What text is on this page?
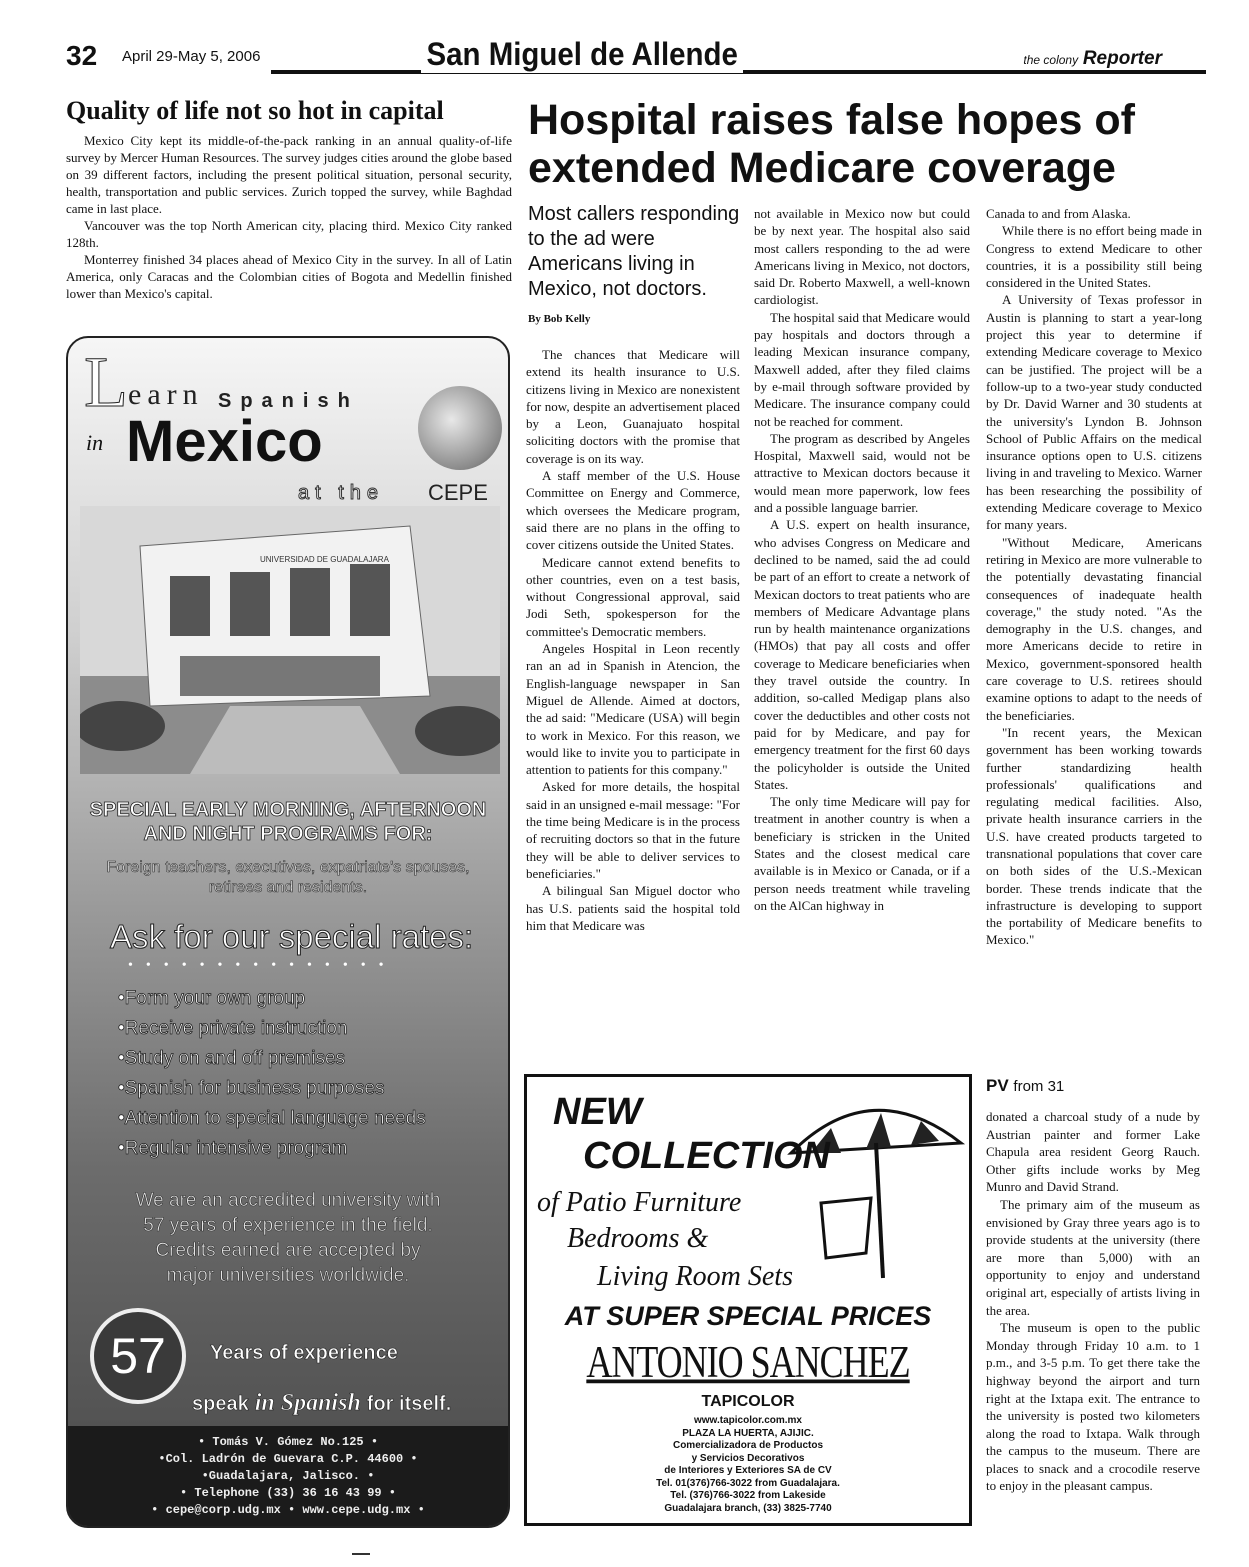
32 April 29-May 5, 2006	San Miguel de Allende	the colony Reporter
Quality of life not so hot in capital

Mexico City kept its middle-of-the-pack ranking in an annual quality-of-life survey by Mercer Human Resources. The survey judges cities around the globe based on 39 different factors, including the present political situation, personal security, health, transportation and public services. Zurich topped the survey, while Baghdad came in last place.

Vancouver was the top North American city, placing third. Mexico City ranked 128th.

Monterrey finished 34 places ahead of Mexico City in the survey. In all of Latin America, only Caracas and the Colombian cities of Bogota and Medellin finished lower than Mexico's capital.

Hospital raises false hopes of extended Medicare coverage
Most callers responding to the ad were Americans living in Mexico, not doctors.
By Bob Kelly

The chances that Medicare will extend its health insurance to U.S. citizens living in Mexico are nonexistent for now, despite an advertisement placed by a Leon, Guanajuato hospital soliciting doctors with the promise that coverage is on its way.

A staff member of the U.S. House Committee on Energy and Commerce, which oversees the Medicare program, said there are no plans in the offing to cover citizens outside the United States.

Medicare cannot extend benefits to other countries, even on a test basis, without Congressional approval, said Jodi Seth, spokesperson for the committee's Democratic members.

Angeles Hospital in Leon recently ran an ad in Spanish in Atencion, the English-language newspaper in San Miguel de Allende. Aimed at doctors, the ad said: "Medicare (USA) will begin to work in Mexico. For this reason, we would like to invite you to participate in attention to patients for this company."

Asked for more details, the hospital said in an unsigned e-mail message: "For the time being Medicare is in the process of recruiting doctors so that in the future they will be able to deliver services to beneficiaries."

A bilingual San Miguel doctor who has U.S. patients said the hospital told him that Medicare was

not available in Mexico now but could be by next year. The hospital also said most callers responding to the ad were Americans living in Mexico, not doctors, said Dr. Roberto Maxwell, a well-known cardiologist.

The hospital said that Medicare would pay hospitals and doctors through a leading Mexican insurance company, Maxwell added, after they filed claims by e-mail through software provided by Medicare. The insurance company could not be reached for comment.

The program as described by Angeles Hospital, Maxwell said, would not be attractive to Mexican doctors because it would mean more paperwork, low fees and a possible language barrier.

A U.S. expert on health insurance, who advises Congress on Medicare and declined to be named, said the ad could be part of an effort to create a network of Mexican doctors to treat patients who are members of Medicare Advantage plans run by health maintenance organizations (HMOs) that pay all costs and offer coverage to Medicare beneficiaries when they travel outside the country. In addition, so-called Medigap plans also cover the deductibles and other costs not paid for by Medicare, and pay for emergency treatment for the first 60 days the policyholder is outside the United States.

The only time Medicare will pay for treatment in another country is when a beneficiary is stricken in the United States and the closest medical care available is in Mexico or Canada, or if a person needs treatment while traveling on the AlCan highway in

Canada to and from Alaska.

While there is no effort being made in Congress to extend Medicare to other countries, it is a possibility still being considered in the United States.

A University of Texas professor in Austin is planning to start a year-long project this year to determine if extending Medicare coverage to Mexico can be justified. The project will be a follow-up to a two-year study conducted by Dr. David Warner and 30 students at the university's Lyndon B. Johnson School of Public Affairs on the medical insurance options open to U.S. citizens living in and traveling to Mexico. Warner has been researching the possibility of extending Medicare coverage to Mexico for many years.

"Without Medicare, Americans retiring in Mexico are more vulnerable to the potentially devastating financial consequences of inadequate health coverage," the study noted. "As the demography in the U.S. changes, and more Americans decide to retire in Mexico, government-sponsored health care coverage to U.S. retirees should examine options to adapt to the needs of the beneficiaries.

"In recent years, the Mexican government has been working towards further standardizing health professionals' qualifications and regulating medical facilities. Also, private health insurance carriers in the U.S. have created products targeted to transnational populations that cover care on both sides of the U.S.-Mexican border. These trends indicate that the infrastructure is developing to support the portability of Medicare benefits to Mexico."

PV from 31

donated a charcoal study of a nude by Austrian painter and former Lake Chapula area resident Georg Rauch. Other gifts include works by Meg Munro and David Strand.

The primary aim of the museum as envisioned by Gray three years ago is to provide students at the university (there are more than 5,000) with an opportunity to enjoy and understand original art, especially of artists living in the area.

The museum is open to the public Monday through Friday 10 a.m. to 1 p.m., and 3-5 p.m. To get there take the highway beyond the airport and turn right at the Ixtapa exit. The entrance to the university is posted two kilometers along the road to Ixtapa. Walk through the campus to the museum. There are places to snack and a crocodile reserve to enjoy in the pleasant campus.

L earn Spanish
in Mexico
at the CEPE
UNIVERSIDAD DE GUADALAJARA
SPECIAL EARLY MORNING, AFTERNOON
AND NIGHT PROGRAMS FOR:
Foreign teachers, executives, expatriate's spouses,
retirees and residents.
Ask for our special rates:
•••••••••••••••
•Form your own group
•Receive private instruction
•Study on and off premises
•Spanish for business purposes
•Attention to special language needs
•Regular intensive program
We are an accredited university with
57 years of experience in the field.
Credits earned are accepted by
major universities worldwide.
57	Years of experience
speak in Spanish for itself.
• Tomás V. Gómez No.125 •
•Col. Ladrón de Guevara C.P. 44600 •
•Guadalajara, Jalisco. •
• Telephone (33) 36 16 43 99 •
• cepe@corp.udg.mx • www.cepe.udg.mx •
NEW
COLLECTION
of Patio Furniture
Bedrooms &
Living Room Sets
AT SUPER SPECIAL PRICES
ANTONIO SANCHEZ
TAPICOLOR
www.tapicolor.com.mx
PLAZA LA HUERTA, AJIJIC.
Comercializadora de Productos
y Servicios Decorativos
de Interiores y Exteriores SA de CV
Tel. 01(376)766-3022 from Guadalajara.
Tel. (376)766-3022 from Lakeside
Guadalajara branch, (33) 3825-7740
